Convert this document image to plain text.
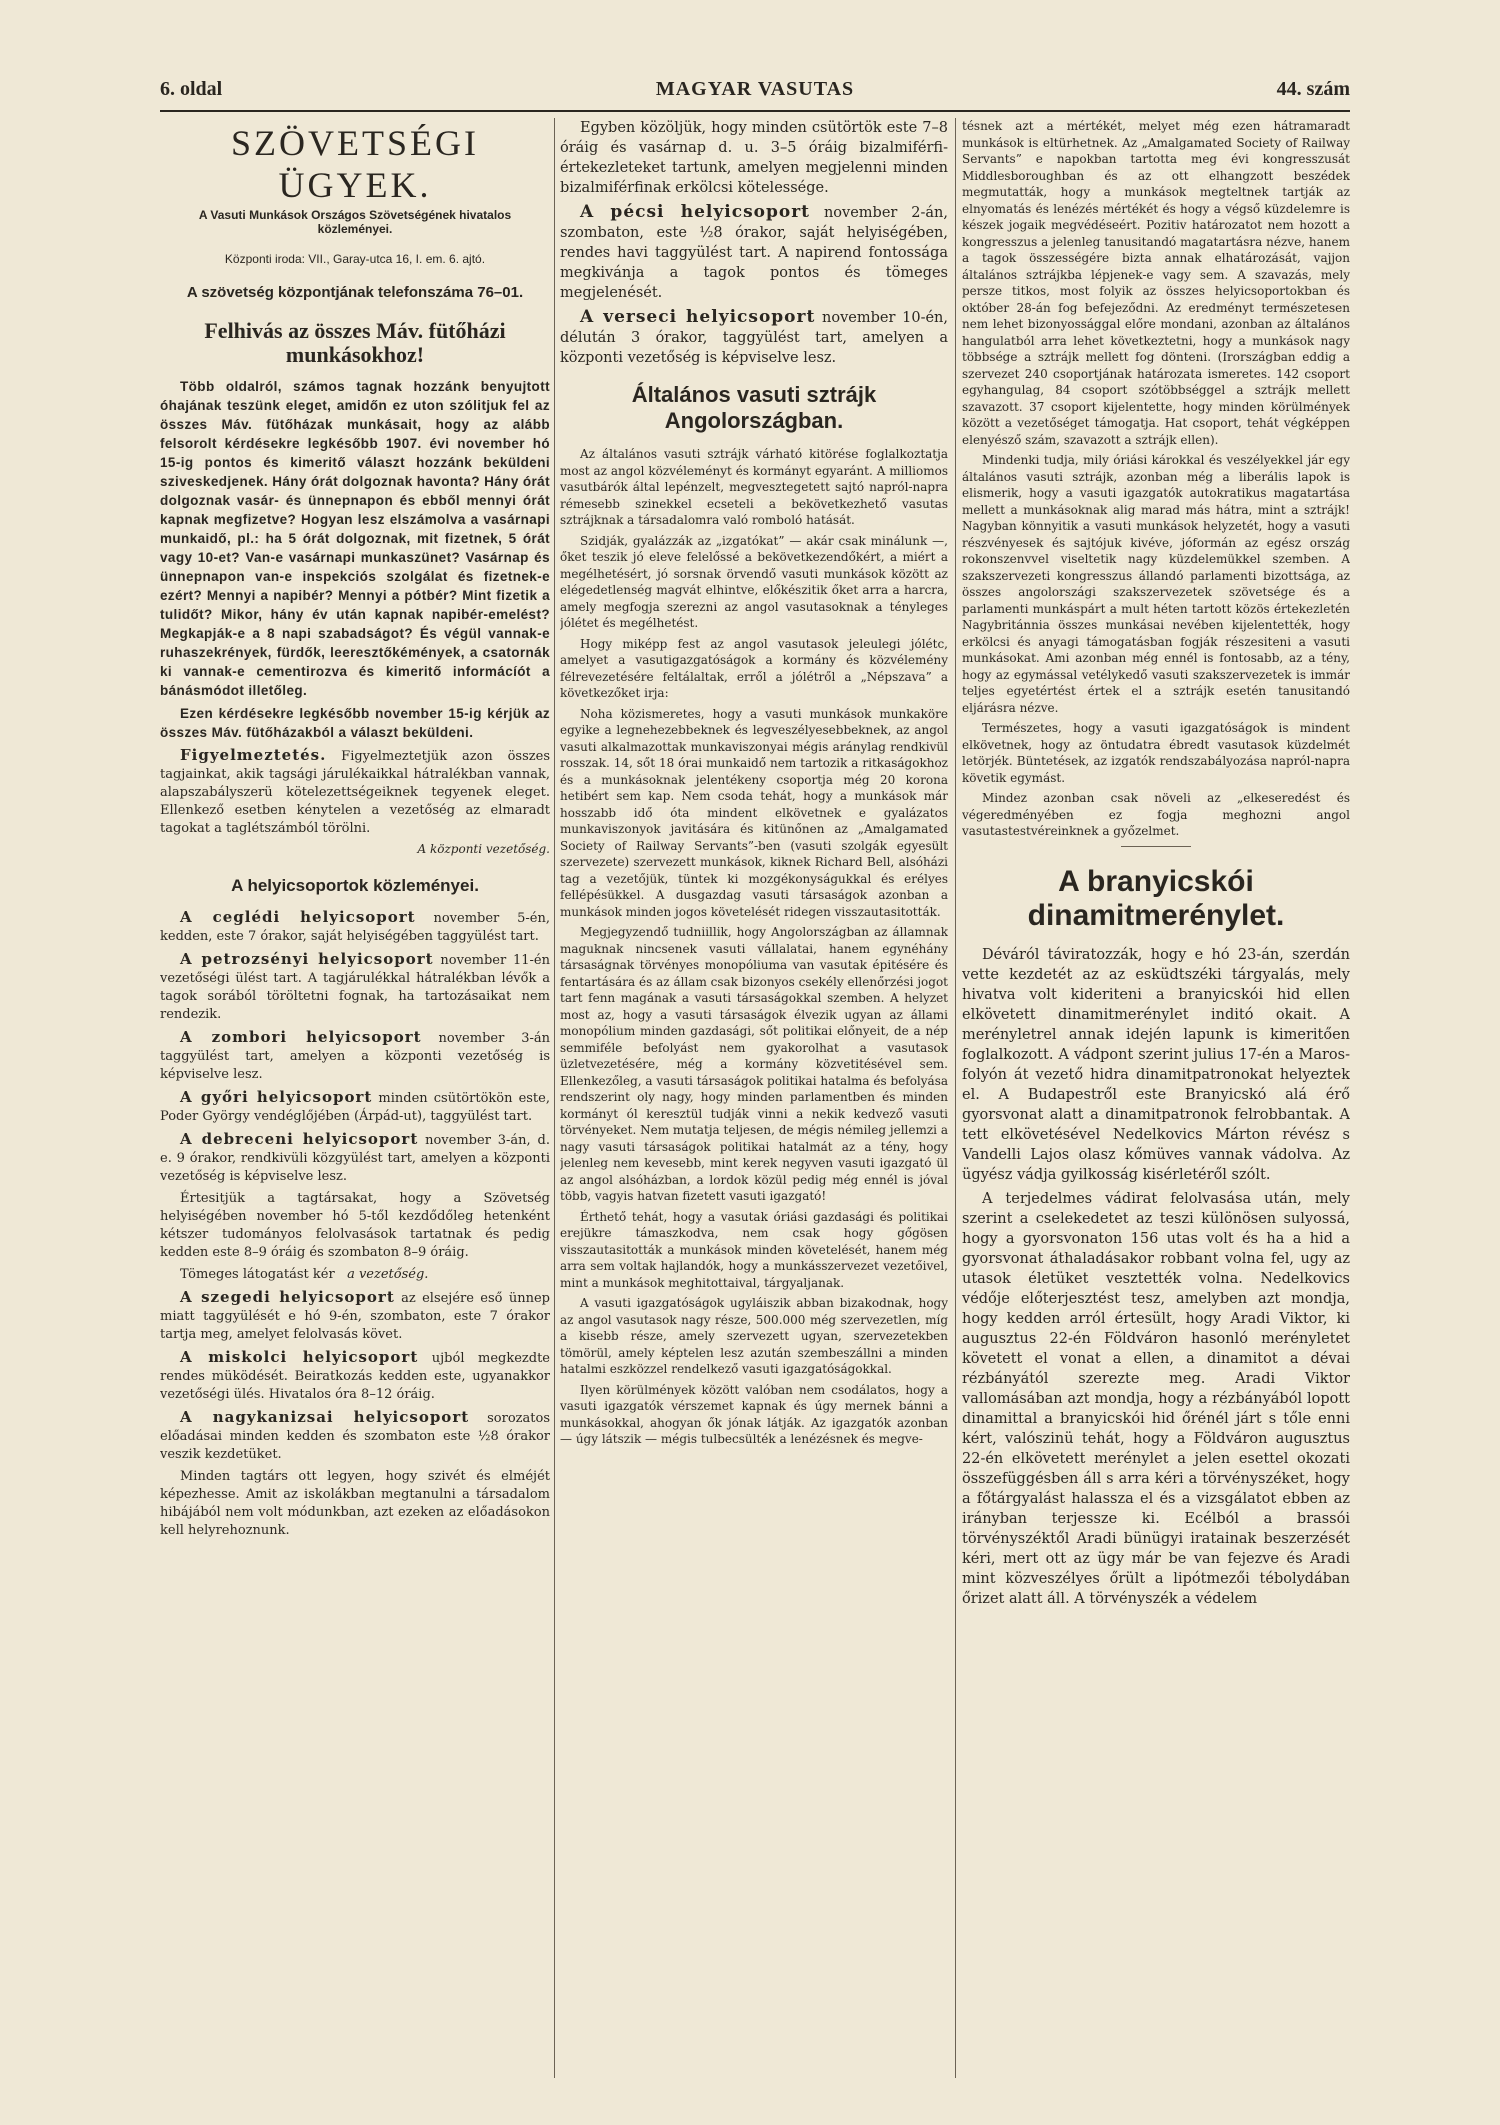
6. oldal	MAGYAR VASUTAS	44. szám
SZÖVETSÉGI ÜGYEK.
A Vasuti Munkások Országos Szövetségének hivatalos közleményei.
Központi iroda: VII., Garay-utca 16, I. em. 6. ajtó.
A szövetség központjának telefonszáma 76–01.
Felhivás az összes Máv. fütőházi munkásokhoz!

Több oldalról, számos tagnak hozzánk benyujtott óhajának teszünk eleget, amidőn ez uton szólitjuk fel az összes Máv. fütőházak munkásait, hogy az alább felsorolt kérdésekre legkésőbb 1907. évi november hó 15-ig pontos és kimeritő választ hozzánk beküldeni sziveskedjenek. Hány órát dolgoznak havonta? Hány órát dolgoznak vasár- és ünnepnapon és ebből mennyi órát kapnak megfizetve? Hogyan lesz elszámolva a vasárnapi munkaidő, pl.: ha 5 órát dolgoznak, mit fizetnek, 5 órát vagy 10-et? Van-e vasárnapi munkaszünet? Vasárnap és ünnepnapon van-e inspekciós szolgálat és fizetnek-e ezért? Mennyi a napibér? Mennyi a pótbér? Mint fizetik a tulidőt? Mikor, hány év után kapnak napibér-emelést? Megkapják-e a 8 napi szabadságot? És végül vannak-e ruhaszekrények, fürdők, leeresztőkémények, a csatornák ki vannak-e cementirozva és kimeritő informácíót a bánásmódot illetőleg.

Ezen kérdésekre legkésőbb november 15-ig kérjük az összes Máv. fütőházakból a választ beküldeni.

Figyelmeztetés. Figyelmeztetjük azon összes tagjainkat, akik tagsági járulékaikkal hátralékban vannak, alapszabályszerü kötelezettségeiknek tegyenek eleget. Ellenkező esetben kénytelen a vezetőség az elmaradt tagokat a taglétszámból törölni.

A központi vezetőség.
A helyicsoportok közleményei.

A ceglédi helyicsoport november 5-én, kedden, este 7 órakor, saját helyiségében taggyülést tart.

A petrozsényi helyicsoport november 11-én vezetőségi ülést tart. A tagjárulékkal hátralékban lévők a tagok sorából töröltetni fognak, ha tartozásaikat nem rendezik.

A zombori helyicsoport november 3-án taggyülést tart, amelyen a központi vezetőség is képviselve lesz.

A győri helyicsoport minden csütörtökön este, Poder György vendéglőjében (Árpád-ut), taggyülést tart.

A debreceni helyicsoport november 3-án, d. e. 9 órakor, rendkivüli közgyülést tart, amelyen a központi vezetőség is képviselve lesz.

Értesitjük a tagtársakat, hogy a Szövetség helyiségében november hó 5-től kezdődőleg hetenként kétszer tudományos felolvasások tartatnak és pedig kedden este 8–9 óráig és szombaton 8–9 óráig.

Tömeges látogatást kér a vezetőség.

A szegedi helyicsoport az elsejére eső ünnep miatt taggyülését e hó 9-én, szombaton, este 7 órakor tartja meg, amelyet felolvasás követ.

A miskolci helyicsoport ujból megkezdte rendes müködését. Beiratkozás kedden este, ugyanakkor vezetőségi ülés. Hivatalos óra 8–12 óráig.

A nagykanizsai helyicsoport sorozatos előadásai minden kedden és szombaton este ½8 órakor veszik kezdetüket.

Minden tagtárs ott legyen, hogy szivét és elméjét képezhesse. Amit az iskolákban megtanulni a társadalom hibájából nem volt módunkban, azt ezeken az előadásokon kell helyrehoznunk.

Egyben közöljük, hogy minden csütörtök este 7–8 óráig és vasárnap d. u. 3–5 óráig bizalmiférfi-értekezleteket tartunk, amelyen megjelenni minden bizalmiférfinak erkölcsi kötelessége.

A pécsi helyicsoport november 2-án, szombaton, este ½8 órakor, saját helyiségében, rendes havi taggyülést tart. A napirend fontossága megkivánja a tagok pontos és tömeges megjelenését.

A verseci helyicsoport november 10-én, délután 3 órakor, taggyülést tart, amelyen a központi vezetőség is képviselve lesz.

Általános vasuti sztrájk Angolországban.

Az általános vasuti sztrájk várható kitörése foglalkoztatja most az angol közvéleményt és kormányt egyaránt. A milliomos vasutbárók által lepénzelt, megvesztegetett sajtó napról-napra rémesebb szinekkel ecseteli a bekövetkezhető vasutas sztrájknak a társadalomra való romboló hatását.

Szidják, gyalázzák az „izgatókat” — akár csak minálunk —, őket teszik jó eleve felelőssé a bekövetkezendőkért, a miért a megélhetésért, jó sorsnak örvendő vasuti munkások között az elégedetlenség magvát elhintve, előkészitik őket arra a harcra, amely megfogja szerezni az angol vasutasoknak a tényleges jólétet és megélhetést.

Hogy miképp fest az angol vasutasok jeleulegi jólétc, amelyet a vasutigazgatóságok a kormány és közvélemény félrevezetésére feltálaltak, erről a jólétről a „Népszava” a következőket irja:

Noha közismeretes, hogy a vasuti munkások munkaköre egyike a legnehezebbeknek és legveszélyesebbeknek, az angol vasuti alkalmazottak munkaviszonyai mégis aránylag rendkivül rosszak. 14, sőt 18 órai munkaidő nem tartozik a ritkaságokhoz és a munkásoknak jelentékeny csoportja még 20 korona hetibért sem kap. Nem csoda tehát, hogy a munkások már hosszabb idő óta mindent elkövetnek e gyalázatos munkaviszonyok javitására és kitünőnen az „Amalgamated Society of Railway Servants”-ben (vasuti szolgák egyesült szervezete) szervezett munkások, kiknek Richard Bell, alsóházi tag a vezetőjük, tüntek ki mozgékonyságukkal és erélyes fellépésükkel. A dusgazdag vasuti társaságok azonban a munkások minden jogos követelését ridegen visszautasitották.

Megjegyzendő tudniillik, hogy Angolországban az államnak maguknak nincsenek vasuti vállalatai, hanem egynéhány társaságnak törvényes monopóliuma van vasutak épitésére és fentartására és az állam csak bizonyos csekély ellenőrzési jogot tart fenn magának a vasuti társaságokkal szemben. A helyzet most az, hogy a vasuti társaságok élvezik ugyan az állami monopólium minden gazdasági, sőt politikai előnyeit, de a nép semmiféle befolyást nem gyakorolhat a vasutasok üzletvezetésére, még a kormány közvetitésével sem. Ellenkezőleg, a vasuti társaságok politikai hatalma és befolyása rendszerint oly nagy, hogy minden parlamentben és minden kormányt ól keresztül tudják vinni a nekik kedvező vasuti törvényeket. Nem mutatja teljesen, de mégis némileg jellemzi a nagy vasuti társaságok politikai hatalmát az a tény, hogy jelenleg nem kevesebb, mint kerek negyven vasuti igazgató ül az angol alsóházban, a lordok közül pedig még ennél is jóval több, vagyis hatvan fizetett vasuti igazgató!

Érthető tehát, hogy a vasutak óriási gazdasági és politikai erejükre támaszkodva, nem csak hogy gőgösen visszautasitották a munkások minden követelését, hanem még arra sem voltak hajlandók, hogy a munkásszervezet vezetőivel, mint a munkások meghitottaival, tárgyaljanak.

A vasuti igazgatóságok ugyláiszik abban bizakodnak, hogy az angol vasutasok nagy része, 500.000 még szervezetlen, míg a kisebb része, amely szervezett ugyan, szervezetekben tömörül, amely képtelen lesz azután szembeszállni a minden hatalmi eszközzel rendelkező vasuti igazgatóságokkal.

Ilyen körülmények között valóban nem csodálatos, hogy a vasuti igazgatók vérszemet kapnak és úgy mernek bánni a munkásokkal, ahogyan ők jónak látják. Az igazgatók azonban — úgy látszik — mégis tulbecsülték a lenézésnek és megve-

tésnek azt a mértékét, melyet még ezen hátramaradt munkások is eltürhetnek. Az „Amalgamated Society of Railway Servants” e napokban tartotta meg évi kongresszusát Middlesboroughban és az ott elhangzott beszédek megmutatták, hogy a munkások megteltnek tartják az elnyomatás és lenézés mértékét és hogy a végső küzdelemre is készek jogaik megvédéseért. Pozitiv határozatot nem hozott a kongresszus a jelenleg tanusitandó magatartásra nézve, hanem a tagok összességére bizta annak elhatározását, vajjon általános sztrájkba lépjenek-e vagy sem. A szavazás, mely persze titkos, most folyik az összes helyicsoportokban és október 28-án fog befejeződni. Az eredményt természetesen nem lehet bizonyossággal előre mondani, azonban az általános hangulatból arra lehet következtetni, hogy a munkások nagy többsége a sztrájk mellett fog dönteni. (Irországban eddig a szervezet 240 csoportjának határozata ismeretes. 142 csoport egyhangulag, 84 csoport szótöbbséggel a sztrájk mellett szavazott. 37 csoport kijelentette, hogy minden körülmények között a vezetőséget támogatja. Hat csoport, tehát végképpen elenyésző szám, szavazott a sztrájk ellen).

Mindenki tudja, mily óriási károkkal és veszélyekkel jár egy általános vasuti sztrájk, azonban még a liberális lapok is elismerik, hogy a vasuti igazgatók autokratikus magatartása mellett a munkásoknak alig marad más hátra, mint a sztrájk! Nagyban könnyitik a vasuti munkások helyzetét, hogy a vasuti részvényesek és sajtójuk kivéve, jóformán az egész ország rokonszenvvel viseltetik nagy küzdelemükkel szemben. A szakszervezeti kongresszus állandó parlamenti bizottsága, az összes angolországi szakszervezetek szövetsége és a parlamenti munkáspárt a mult héten tartott közös értekezletén Nagybritánnia összes munkásai nevében kijelentették, hogy erkölcsi és anyagi támogatásban fogják részesiteni a vasuti munkásokat. Ami azonban még ennél is fontosabb, az a tény, hogy az egymással vetélykedő vasuti szakszervezetek is immár teljes egyetértést értek el a sztrájk esetén tanusitandó eljárásra nézve.

Természetes, hogy a vasuti igazgatóságok is mindent elkövetnek, hogy az öntudatra ébredt vasutasok küzdelmét letörjék. Büntetések, az izgatók rendszabályozása napról-napra követik egymást.

Mindez azonban csak növeli az „elkeseredést és végeredményében ez fogja meghozni angol vasutastestvéreinknek a győzelmet.

A branyicskói dinamitmerénylet.

Déváról táviratozzák, hogy e hó 23-án, szerdán vette kezdetét az az esküdtszéki tárgyalás, mely hivatva volt kideriteni a branyicskói hid ellen elkövetett dinamitmerénylet inditó okait. A merényletrel annak idején lapunk is kimeritően foglalkozott. A vádpont szerint julius 17-én a Maros-folyón át vezető hidra dinamitpatronokat helyeztek el. A Budapestről este Branyicskó alá érő gyorsvonat alatt a dinamitpatronok felrobbantak. A tett elkövetésével Nedelkovics Márton révész s Vandelli Lajos olasz kőmüves vannak vádolva. Az ügyész vádja gyilkosság kisérletéről szólt.

A terjedelmes vádirat felolvasása után, mely szerint a cselekedetet az teszi különösen sulyossá, hogy a gyorsvonaton 156 utas volt és ha a hid a gyorsvonat áthaladásakor robbant volna fel, ugy az utasok életüket vesztették volna. Nedelkovics védője előterjesztést tesz, amelyben azt mondja, hogy kedden arról értesült, hogy Aradi Viktor, ki augusztus 22-én Földváron hasonló merényletet követett el vonat a ellen, a dinamitot a dévai rézbányától szerezte meg. Aradi Viktor vallomásában azt mondja, hogy a rézbányából lopott dinamittal a branyicskói hid őrénél járt s tőle enni kért, valószinü tehát, hogy a Földváron augusztus 22-én elkövetett merénylet a jelen esettel okozati összefüggésben áll s arra kéri a törvényszéket, hogy a főtárgyalást halassza el és a vizsgálatot ebben az irányban terjessze ki. Ecélból a brassói törvényszéktől Aradi bünügyi iratainak beszerzését kéri, mert ott az ügy már be van fejezve és Aradi mint közveszélyes őrült a lipótmezői tébolydában őrizet alatt áll. A törvényszék a védelem
